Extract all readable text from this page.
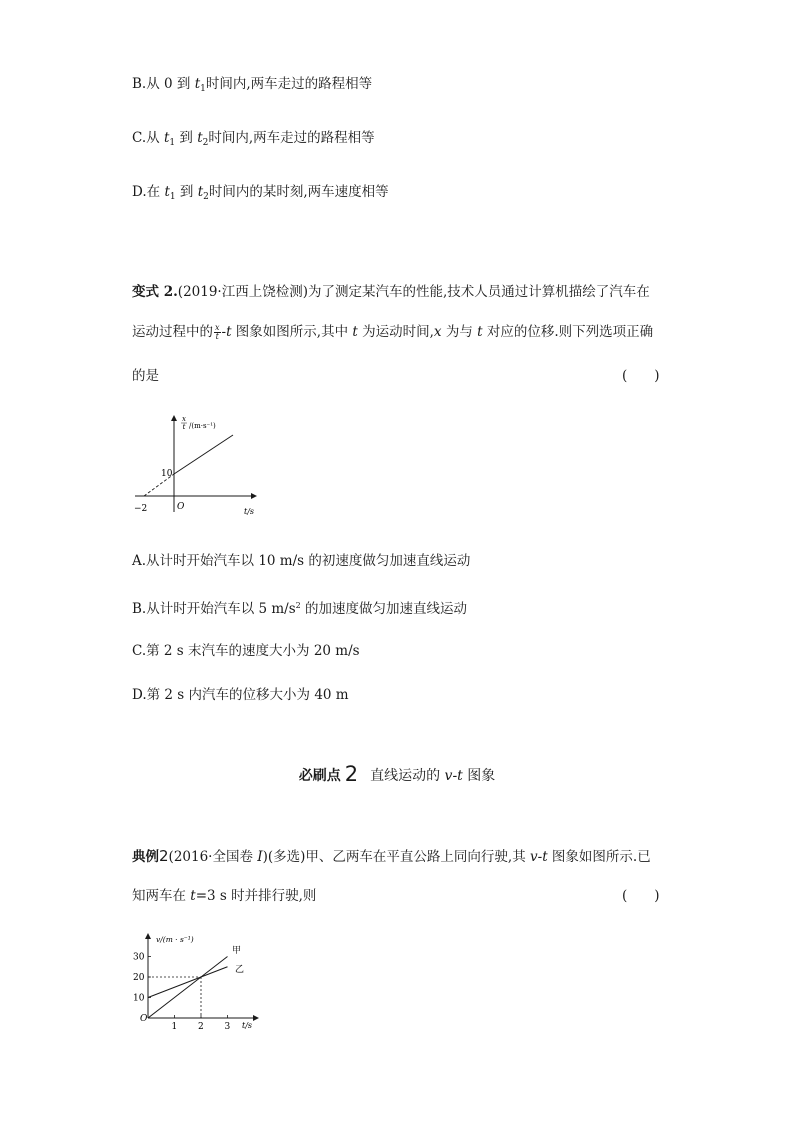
B.从 0 到 $t_1$时间内,两车走过的路程相等
C.从 $t_1$ 到 $t_2$时间内,两车走过的路程相等
D.在 $t_1$ 到 $t_2$时间内的某时刻,两车速度相等
变式 2.(2019·江西上饶检测)为了测定某汽车的性能,技术人员通过计算机描绘了汽车在
运动过程中的 $\frac{x}{t} -t$ 图象如图所示,其中 t 为运动时间,x 为与 t 对应的位移.则下列选项正确
的是	(　　)
x
t /(m·s⁻¹)
10
−2	O	t/s
A.从计时开始汽车以 10 m/s 的初速度做匀加速直线运动
B.从计时开始汽车以 5 $m/s^2$ 的加速度做匀加速直线运动
C.第 2 s 末汽车的速度大小为 20 m/s
D.第 2 s 内汽车的位移大小为 40 m
必刷点 2 直线运动的 v-t 图象
典例2(2016·全国卷 Ⅰ)(多选)甲、乙两车在平直公路上同向行驶,其 v-t 图象如图所示.已
知两车在 t=3 s 时并排行驶,则	(　　)
30
20
10
1 2 3
v/(m · s⁻¹)
O
t/s
甲
乙
